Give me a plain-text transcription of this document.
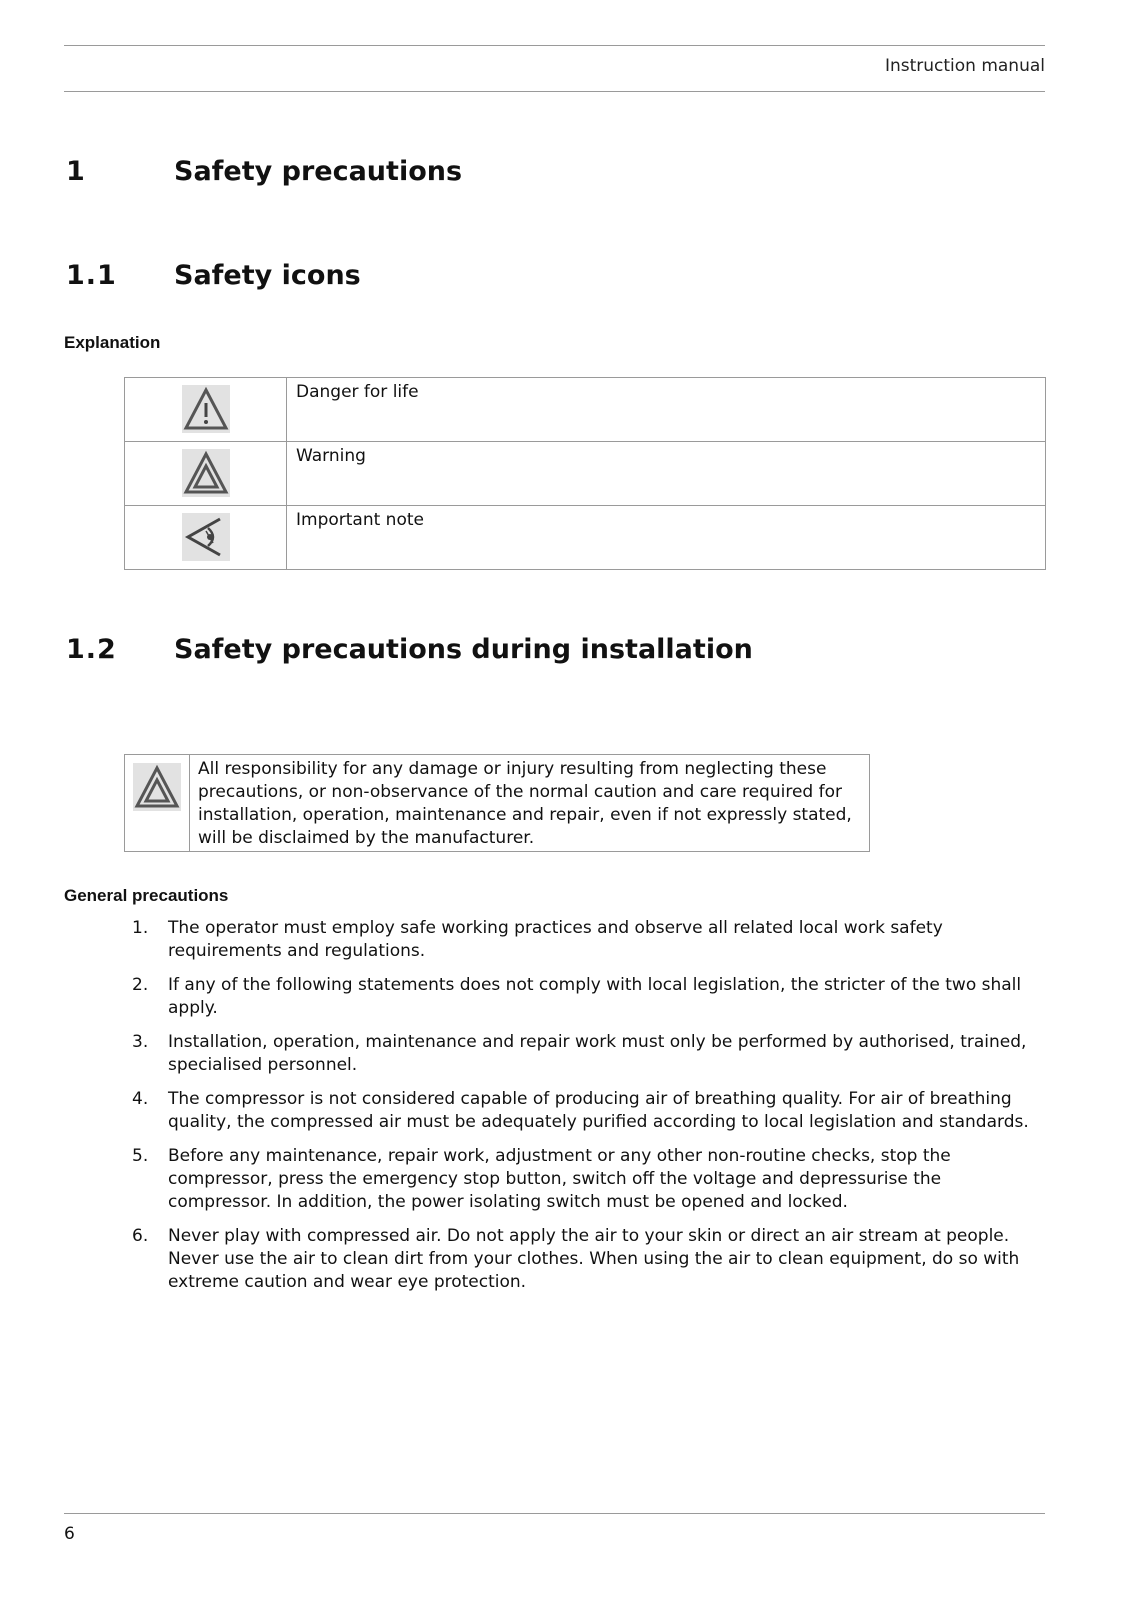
Instruction manual
1	Safety precautions
1.1 Safety icons
Explanation
	Danger for life

	Warning

	Important note
1.2 Safety precautions during installation
All responsibility for any damage or injury resulting from neglecting these precautions, or non-observance of the normal caution and care required for installation, operation, maintenance and repair, even if not expressly stated, will be disclaimed by the manufacturer.
General precautions
1. The operator must employ safe working practices and observe all related local work safety requirements and regulations.
2. If any of the following statements does not comply with local legislation, the stricter of the two shall apply.
3. Installation, operation, maintenance and repair work must only be performed by authorised, trained, specialised personnel.
4. The compressor is not considered capable of producing air of breathing quality. For air of breathing quality, the compressed air must be adequately purified according to local legislation and standards.
5. Before any maintenance, repair work, adjustment or any other non-routine checks, stop the compressor, press the emergency stop button, switch off the voltage and depressurise the compressor. In addition, the power isolating switch must be opened and locked.
6. Never play with compressed air. Do not apply the air to your skin or direct an air stream at people. Never use the air to clean dirt from your clothes. When using the air to clean equipment, do so with extreme caution and wear eye protection.
6
